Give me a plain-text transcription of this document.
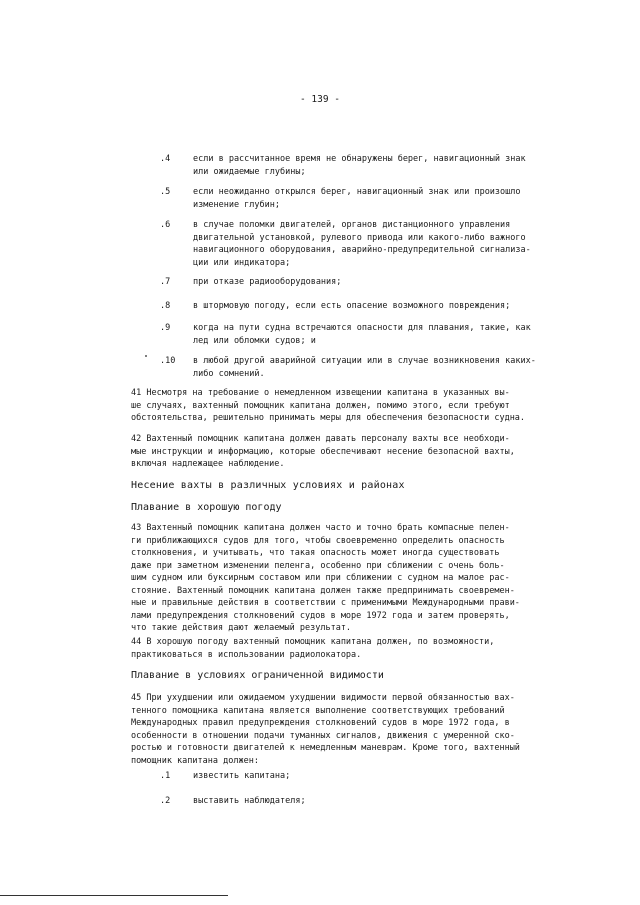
- 139 -
.4	если в рассчитанное время не обнаружены берег, навигационный знак
или ожидаемые глубины;
.5	если неожиданно открылся берег, навигационный знак или произошло
изменение глубин;
.6	в случае поломки двигателей, органов дистанционного управления
двигательной установкой, рулевого привода или какого-либо важного
навигационного оборудования, аварийно-предупредительной сигнализа-
ции или индикатора;
.7	при отказе радиооборудования;
.8	в штормовую погоду, если есть опасение возможного повреждения;
.9	когда на пути судна встречаются опасности для плавания, такие, как
лед или обломки судов; и
.10	в любой другой аварийной ситуации или в случае возникновения каких-
либо сомнений.
41 Несмотря на требование о немедленном извещении капитана в указанных вы-
ше случаях, вахтенный помощник капитана должен, помимо этого, если требуют
обстоятельства, решительно принимать меры для обеспечения безопасности судна.
42 Вахтенный помощник капитана должен давать персоналу вахты все необходи-
мые инструкции и информацию, которые обеспечивают несение безопасной вахты,
включая надлежащее наблюдение.
Несение вахты в различных условиях и районах
Плавание в хорошую погоду
43 Вахтенный помощник капитана должен часто и точно брать компасные пелен-
ги приближающихся судов для того, чтобы своевременно определить опасность
столкновения, и учитывать, что такая опасность может иногда существовать
даже при заметном изменении пеленга, особенно при сближении с очень боль-
шим судном или буксирным составом или при сближении с судном на малое рас-
стояние. Вахтенный помощник капитана должен также предпринимать своевремен-
ные и правильные действия в соответствии с применимыми Международными прави-
лами предупреждения столкновений судов в море 1972 года и затем проверять,
что такие действия дают желаемый результат.
44 В хорошую погоду вахтенный помощник капитана должен, по возможности,
практиковаться в использовании радиолокатора.
Плавание в условиях ограниченной видимости
45 При ухудшении или ожидаемом ухудшении видимости первой обязанностью вах-
тенного помощника капитана является выполнение соответствующих требований
Международных правил предупреждения столкновений судов в море 1972 года, в
особенности в отношении подачи туманных сигналов, движения с умеренной ско-
ростью и готовности двигателей к немедленным маневрам. Кроме того, вахтенный
помощник капитана должен:
.1	известить капитана;
.2	выставить наблюдателя;
